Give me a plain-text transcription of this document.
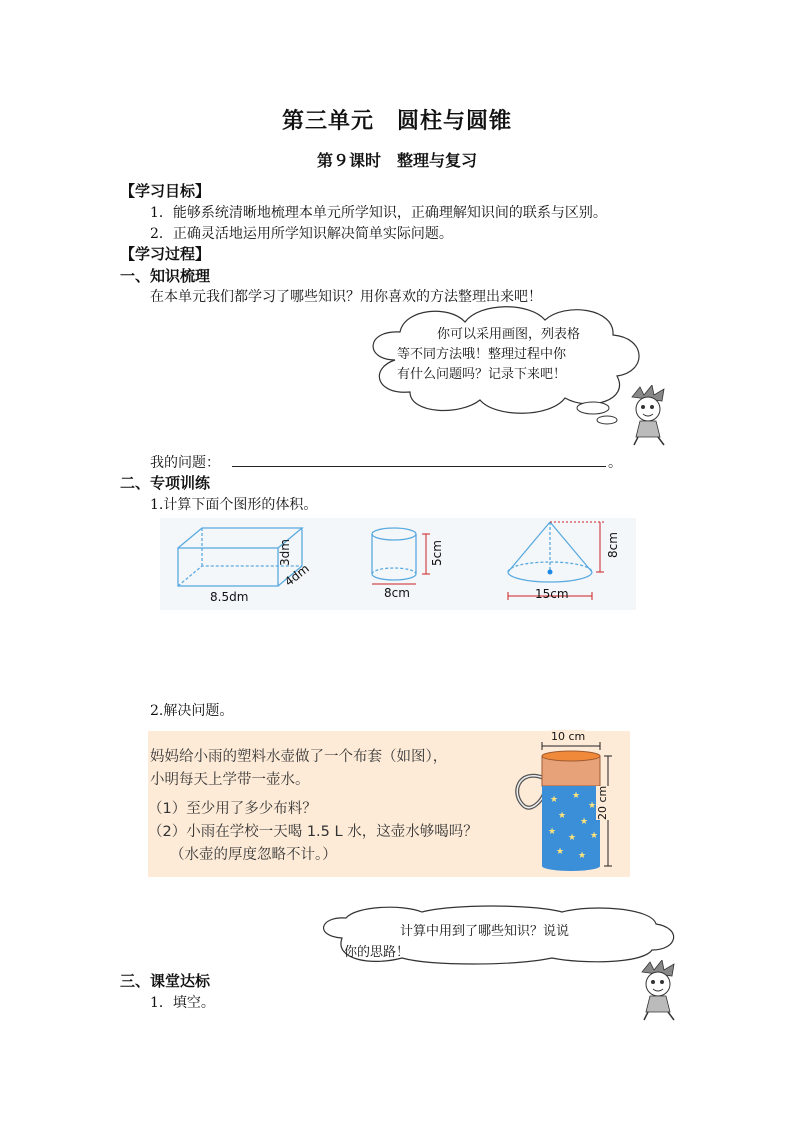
第三单元　圆柱与圆锥
第９课时　整理与复习
【学习目标】
1．能够系统清晰地梳理本单元所学知识，正确理解知识间的联系与区别。
2．正确灵活地运用所学知识解决简单实际问题。
【学习过程】
一、知识梳理
在本单元我们都学习了哪些知识？用你喜欢的方法整理出来吧！
你可以采用画图，列表格
等不同方法哦！整理过程中你
有什么问题吗？记录下来吧！
我的问题：	。
二、专项训练
1.计算下面个图形的体积。
8.5dm
4dm
3dm	5cm
8cm
8cm
15cm
2.解决问题。
妈妈给小雨的塑料水壶做了一个布套（如图），
小明每天上学带一壶水。
（1）至少用了多少布料？
（2）小雨在学校一天喝 1.5 L 水，这壶水够喝吗？
（水壶的厚度忽略不计。）
★ ★
★
★
★
★
★ ★
★ ★
10 cm
20 cm
计算中用到了哪些知识？说说
你的思路！
三、课堂达标
1．填空。
